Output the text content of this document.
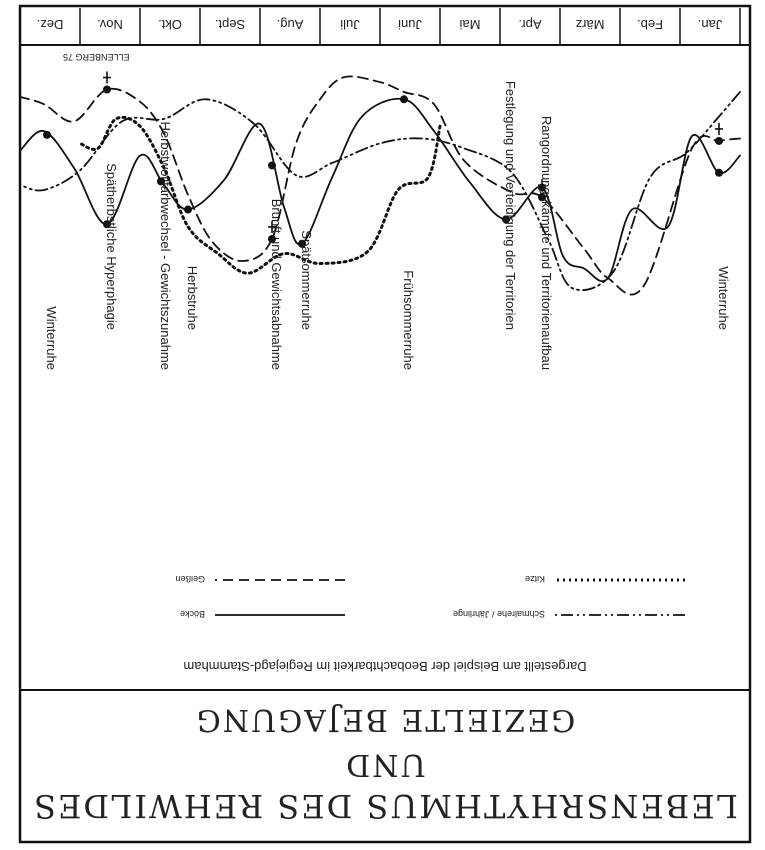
LEBENSRHYTHMUS DES REHWILDES
UND
GEZIELTE BEJAGUNG
Dargestellt am Beispiel der Beobachtbarkeit im Regiejagd-Stammham
Böcke
Geißen
Schmalrehe / Jährlinge
Kitze
Jan.
Feb.
März
Apr.
Mai
Juni
Juli
Aug.
Sept.
Okt.
Nov.
Dez.
Winterruhe
Rangordnungskämpfe und Territorienaufbau
Festlegung und Verteidigung der Territorien
Frühsommerruhe
Spätsommerruhe
Brunft und Gewichtsabnahme
Herbstruhe
Herbstwollfarbwechsel - Gewichtszunahme
Spätherbstliche Hyperphagie
Winterruhe
ELLENBERG 75
